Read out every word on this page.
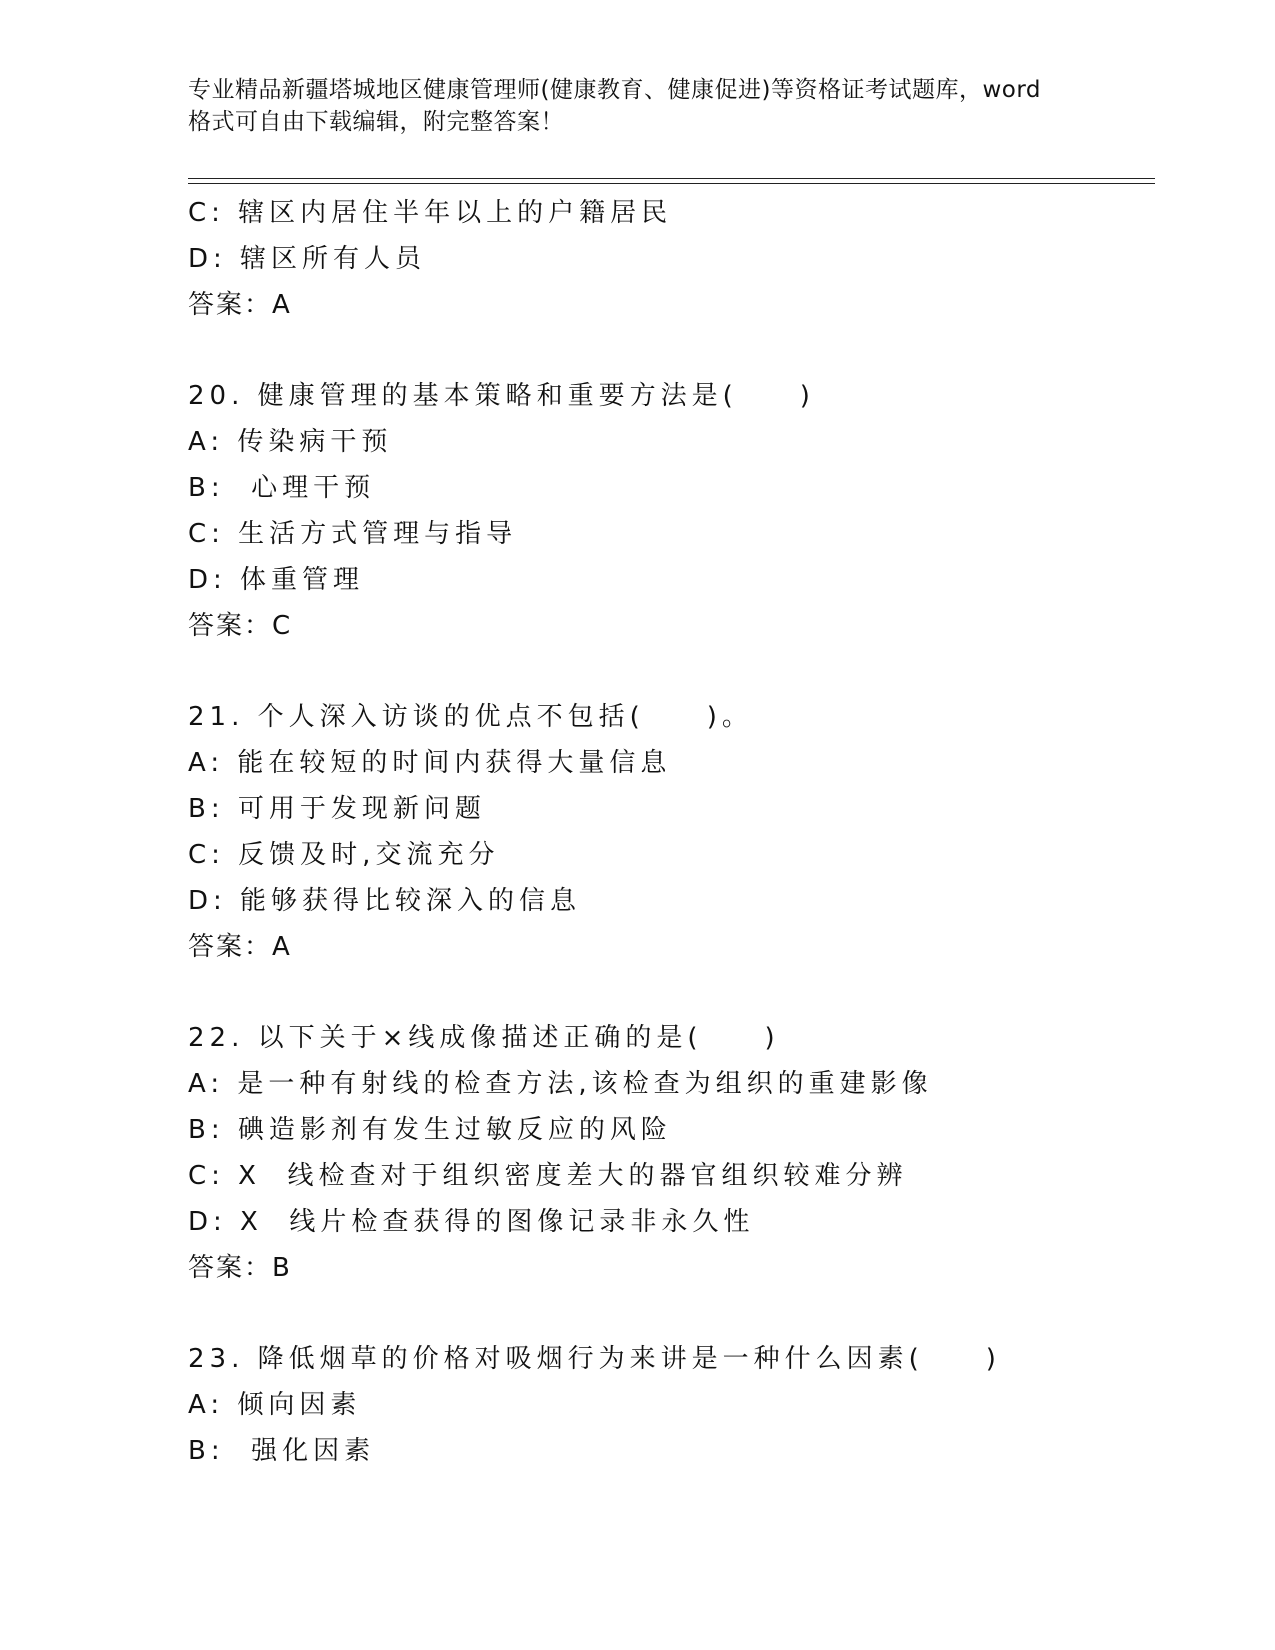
专业精品新疆塔城地区健康管理师(健康教育、健康促进)等资格证考试题库，word
格式可自由下载编辑，附完整答案！
C: 辖区内居住半年以上的户籍居民
D: 辖区所有人员
答案：A
20. 健康管理的基本策略和重要方法是(　　)
A: 传染病干预
B:  心理干预
C: 生活方式管理与指导
D: 体重管理
答案：C
21. 个人深入访谈的优点不包括(　　)。
A: 能在较短的时间内获得大量信息
B: 可用于发现新问题
C: 反馈及时,交流充分
D: 能够获得比较深入的信息
答案：A
22. 以下关于×线成像描述正确的是(　　)
A: 是一种有射线的检查方法,该检查为组织的重建影像
B: 碘造影剂有发生过敏反应的风险
C: X  线检查对于组织密度差大的器官组织较难分辨
D: X  线片检查获得的图像记录非永久性
答案：B
23. 降低烟草的价格对吸烟行为来讲是一种什么因素(　　)
A: 倾向因素
B:  强化因素
